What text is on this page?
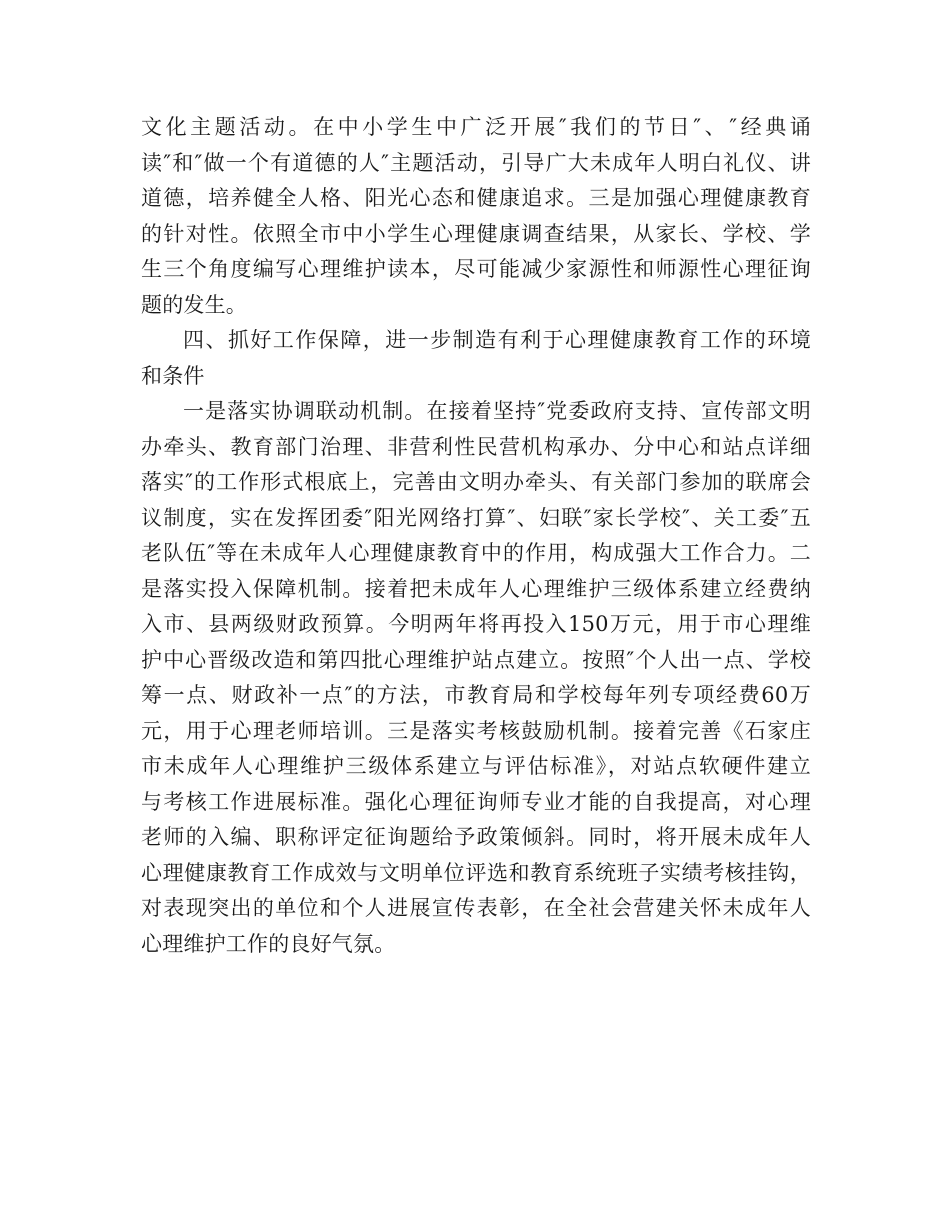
文化主题活动。在中小学生中广泛开展″我们的节日″、″经典诵
读″和″做一个有道德的人″主题活动，引导广大未成年人明白礼仪、讲
道德，培养健全人格、阳光心态和健康追求。三是加强心理健康教育
的针对性。依照全市中小学生心理健康调查结果，从家长、学校、学
生三个角度编写心理维护读本，尽可能减少家源性和师源性心理征询
题的发生。
四、抓好工作保障，进一步制造有利于心理健康教育工作的环境
和条件
一是落实协调联动机制。在接着坚持″党委政府支持、宣传部文明
办牵头、教育部门治理、非营利性民营机构承办、分中心和站点详细
落实″的工作形式根底上，完善由文明办牵头、有关部门参加的联席会
议制度，实在发挥团委″阳光网络打算″、妇联″家长学校″、关工委″五
老队伍″等在未成年人心理健康教育中的作用，构成强大工作合力。二
是落实投入保障机制。接着把未成年人心理维护三级体系建立经费纳
入市、县两级财政预算。今明两年将再投入150万元，用于市心理维
护中心晋级改造和第四批心理维护站点建立。按照″个人出一点、学校
筹一点、财政补一点″的方法，市教育局和学校每年列专项经费60万
元，用于心理老师培训。三是落实考核鼓励机制。接着完善《石家庄
市未成年人心理维护三级体系建立与评估标准》，对站点软硬件建立
与考核工作进展标准。强化心理征询师专业才能的自我提高，对心理
老师的入编、职称评定征询题给予政策倾斜。同时，将开展未成年人
心理健康教育工作成效与文明单位评选和教育系统班子实绩考核挂钩，
对表现突出的单位和个人进展宣传表彰，在全社会营建关怀未成年人
心理维护工作的良好气氛。
